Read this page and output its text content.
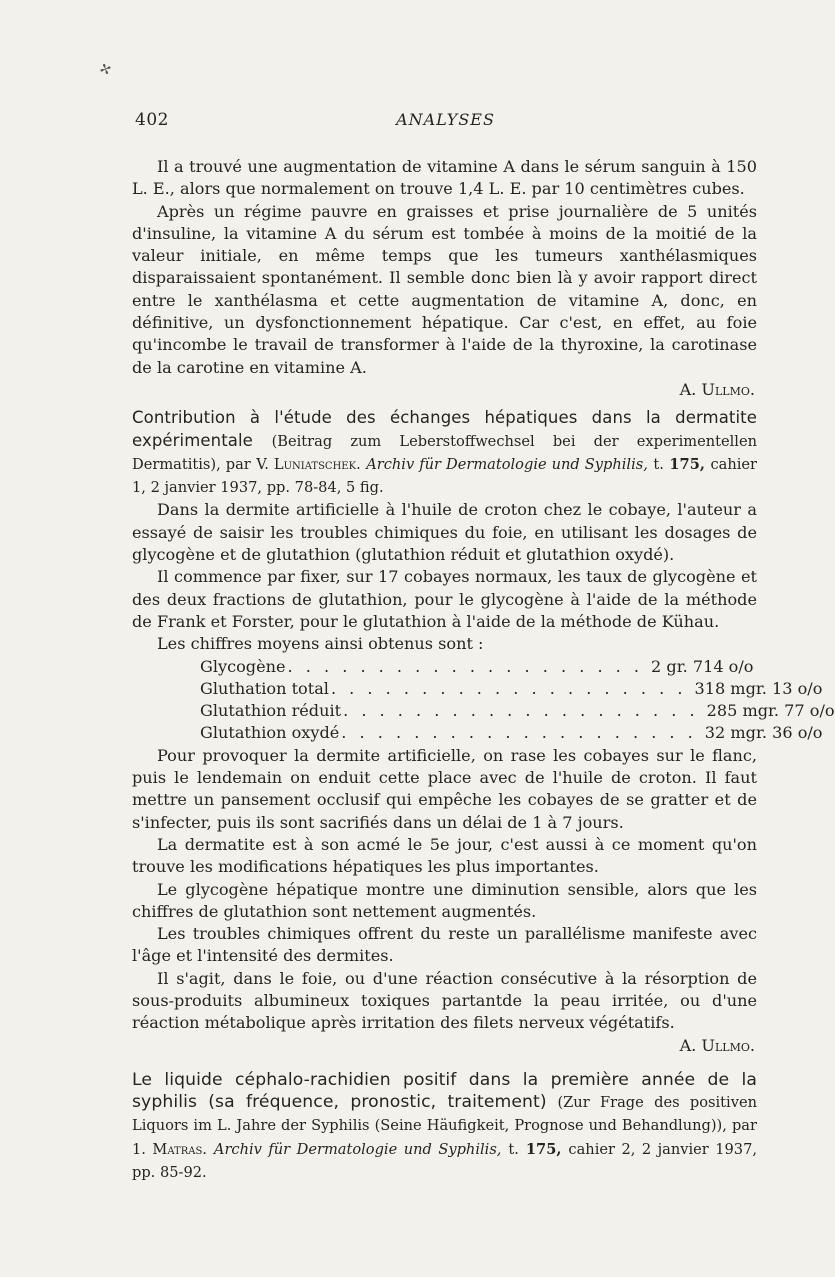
✢
402	ANALYSES

Il a trouvé une augmentation de vitamine A dans le sérum sanguin à 150 L. E., alors que normalement on trouve 1,4 L. E. par 10 centimètres cubes.

Après un régime pauvre en graisses et prise journalière de 5 unités d'insuline, la vitamine A du sérum est tombée à moins de la moitié de la valeur initiale, en même temps que les tumeurs xanthélasmiques disparaissaient spontanément. Il semble donc bien là y avoir rapport direct entre le xanthélasma et cette augmentation de vitamine A, donc, en définitive, un dysfonctionnement hépatique. Car c'est, en effet, au foie qu'incombe le travail de transformer à l'aide de la thyroxine, la carotinase de la carotine en vitamine A.

A. Ullmo.

Contribution à l'étude des échanges hépatiques dans la dermatite expérimentale (Beitrag zum Leberstoffwechsel bei der experimentellen Dermatitis), par V. Luniatschek. Archiv für Dermatologie und Syphilis, t. 175, cahier 1, 2 janvier 1937, pp. 78-84, 5 fig.

Dans la dermite artificielle à l'huile de croton chez le cobaye, l'auteur a essayé de saisir les troubles chimiques du foie, en utilisant les dosages de glycogène et de glutathion (glutathion réduit et glutathion oxydé).

Il commence par fixer, sur 17 cobayes normaux, les taux de glycogène et des deux fractions de glutathion, pour le glycogène à l'aide de la méthode de Frank et Forster, pour le glutathion à l'aide de la méthode de Kühau.

Les chiffres moyens ainsi obtenus sont :

Glycogène . . . . . . . . . . . . . . . . . . . . 2 gr. 714 o/o
Gluthation total . . . . . . . . . . . . . . . . . . . . 318 mgr. 13 o/o
Glutathion réduit . . . . . . . . . . . . . . . . . . . . 285 mgr. 77 o/o
Glutathion oxydé . . . . . . . . . . . . . . . . . . . . 32 mgr. 36 o/o

Pour provoquer la dermite artificielle, on rase les cobayes sur le flanc, puis le lendemain on enduit cette place avec de l'huile de croton. Il faut mettre un pansement occlusif qui empêche les cobayes de se gratter et de s'infecter, puis ils sont sacrifiés dans un délai de 1 à 7 jours.

La dermatite est à son acmé le 5e jour, c'est aussi à ce moment qu'on trouve les modifications hépatiques les plus importantes.

Le glycogène hépatique montre une diminution sensible, alors que les chiffres de glutathion sont nettement augmentés.

Les troubles chimiques offrent du reste un parallélisme manifeste avec l'âge et l'intensité des dermites.

Il s'agit, dans le foie, ou d'une réaction consécutive à la résorption de sous-produits albumineux toxiques partantde la peau irritée, ou d'une réaction métabolique après irritation des filets nerveux végétatifs.

A. Ullmo.

Le liquide céphalo-rachidien positif dans la première année de la syphilis (sa fréquence, pronostic, traitement) (Zur Frage des positiven Liquors im L. Jahre der Syphilis (Seine Häufigkeit, Prognose und Behandlung)), par 1. Matras. Archiv für Dermatologie und Syphilis, t. 175, cahier 2, 2 janvier 1937, pp. 85-92.
